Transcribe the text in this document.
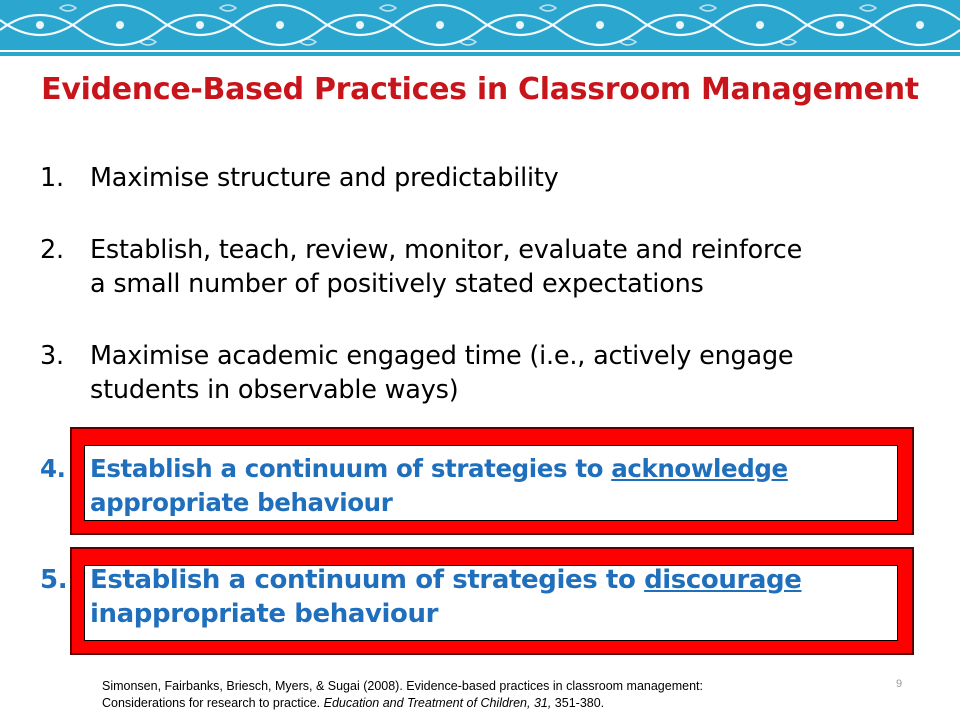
Evidence-Based Practices in Classroom Management
1.	Maximise structure and predictability
2.	Establish, teach, review, monitor, evaluate and reinforce
a small number of positively stated expectations
3.	Maximise academic engaged time (i.e., actively engage
students in observable ways)
4. Establish a continuum of strategies to acknowledge
appropriate behaviour
5. Establish a continuum of strategies to discourage
inappropriate behaviour
Simonsen, Fairbanks, Briesch, Myers, & Sugai (2008). Evidence-based practices in classroom management:
Considerations for research to practice. Education and Treatment of Children, 31, 351-380.
9
